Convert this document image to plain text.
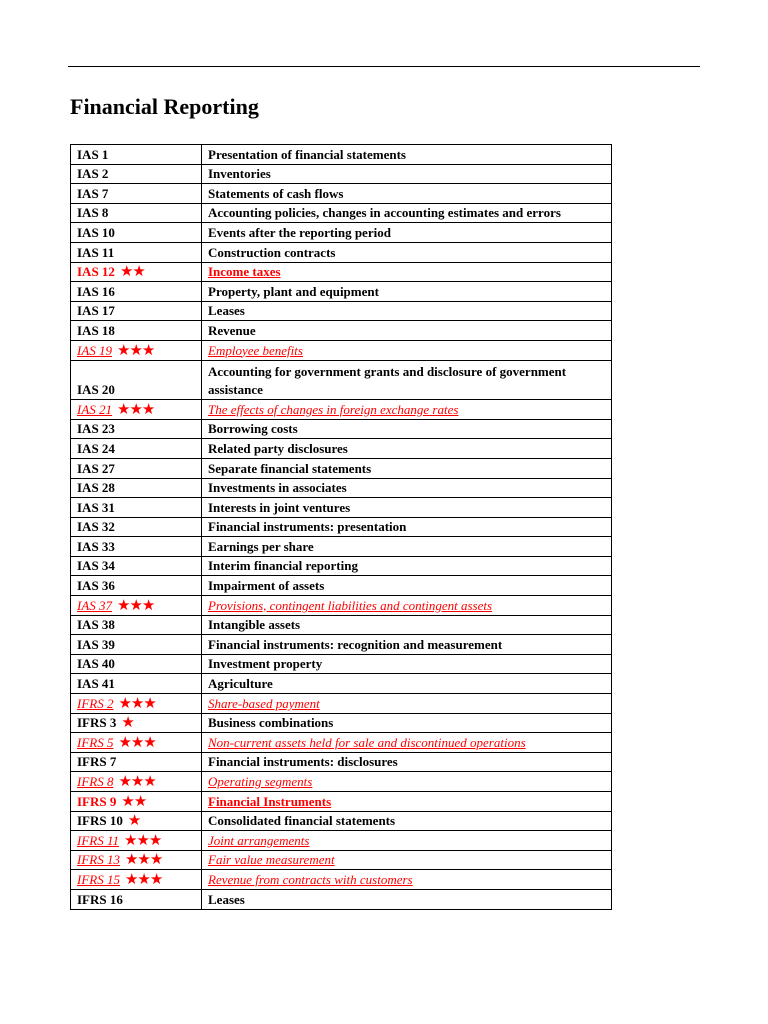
Financial Reporting
IAS 1	Presentation of financial statements
IAS 2	Inventories
IAS 7	Statements of cash flows
IAS 8	Accounting policies, changes in accounting estimates and errors
IAS 10	Events after the reporting period
IAS 11	Construction contracts
IAS 12 ★★	Income taxes
IAS 16	Property, plant and equipment
IAS 17	Leases
IAS 18	Revenue
IAS 19 ★★★	Employee benefits
IAS 20	Accounting for government grants and disclosure of government assistance
IAS 21 ★★★	The effects of changes in foreign exchange rates
IAS 23	Borrowing costs
IAS 24	Related party disclosures
IAS 27	Separate financial statements
IAS 28	Investments in associates
IAS 31	Interests in joint ventures
IAS 32	Financial instruments: presentation
IAS 33	Earnings per share
IAS 34	Interim financial reporting
IAS 36	Impairment of assets
IAS 37 ★★★	Provisions, contingent liabilities and contingent assets
IAS 38	Intangible assets
IAS 39	Financial instruments: recognition and measurement
IAS 40	Investment property
IAS 41	Agriculture
IFRS 2 ★★★	Share-based payment
IFRS 3 ★	Business combinations
IFRS 5 ★★★	Non-current assets held for sale and discontinued operations
IFRS 7	Financial instruments: disclosures
IFRS 8 ★★★	Operating segments
IFRS 9 ★★	Financial Instruments
IFRS 10 ★	Consolidated financial statements
IFRS 11 ★★★	Joint arrangements
IFRS 13 ★★★	Fair value measurement
IFRS 15 ★★★	Revenue from contracts with customers
IFRS 16	Leases
